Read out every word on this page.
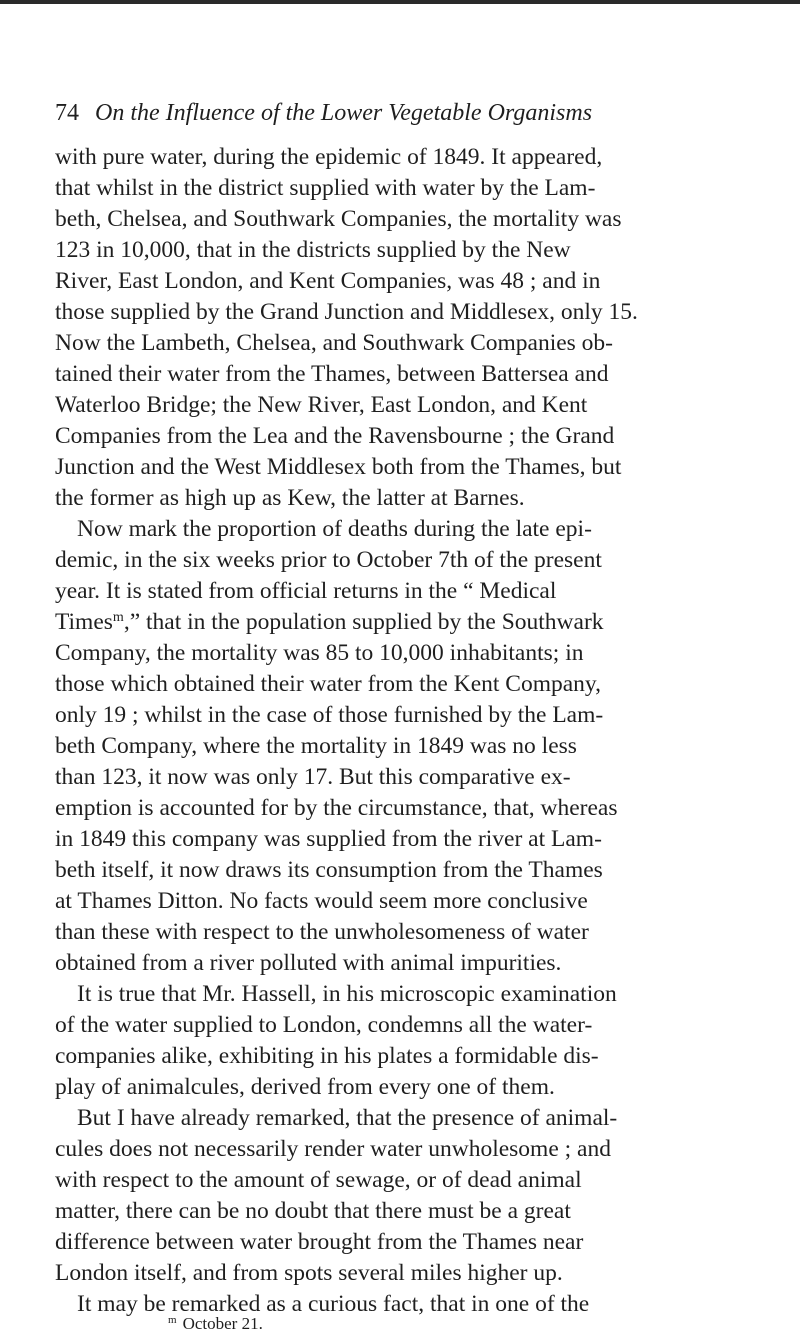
74 On the Influence of the Lower Vegetable Organisms
with pure water, during the epidemic of 1849. It appeared,
that whilst in the district supplied with water by the Lam-
beth, Chelsea, and Southwark Companies, the mortality was
123 in 10,000, that in the districts supplied by the New
River, East London, and Kent Companies, was 48 ; and in
those supplied by the Grand Junction and Middlesex, only 15.
Now the Lambeth, Chelsea, and Southwark Companies ob-
tained their water from the Thames, between Battersea and
Waterloo Bridge; the New River, East London, and Kent
Companies from the Lea and the Ravensbourne ; the Grand
Junction and the West Middlesex both from the Thames, but
the former as high up as Kew, the latter at Barnes.
Now mark the proportion of deaths during the late epi-
demic, in the six weeks prior to October 7th of the present
year. It is stated from official returns in the “ Medical
Times$^m$,” that in the population supplied by the Southwark
Company, the mortality was 85 to 10,000 inhabitants; in
those which obtained their water from the Kent Company,
only 19 ; whilst in the case of those furnished by the Lam-
beth Company, where the mortality in 1849 was no less
than 123, it now was only 17. But this comparative ex-
emption is accounted for by the circumstance, that, whereas
in 1849 this company was supplied from the river at Lam-
beth itself, it now draws its consumption from the Thames
at Thames Ditton. No facts would seem more conclusive
than these with respect to the unwholesomeness of water
obtained from a river polluted with animal impurities.
It is true that Mr. Hassell, in his microscopic examination
of the water supplied to London, condemns all the water-
companies alike, exhibiting in his plates a formidable dis-
play of animalcules, derived from every one of them.
But I have already remarked, that the presence of animal-
cules does not necessarily render water unwholesome ; and
with respect to the amount of sewage, or of dead animal
matter, there can be no doubt that there must be a great
difference between water brought from the Thames near
London itself, and from spots several miles higher up.
It may be remarked as a curious fact, that in one of the
$^m$ October 21.
